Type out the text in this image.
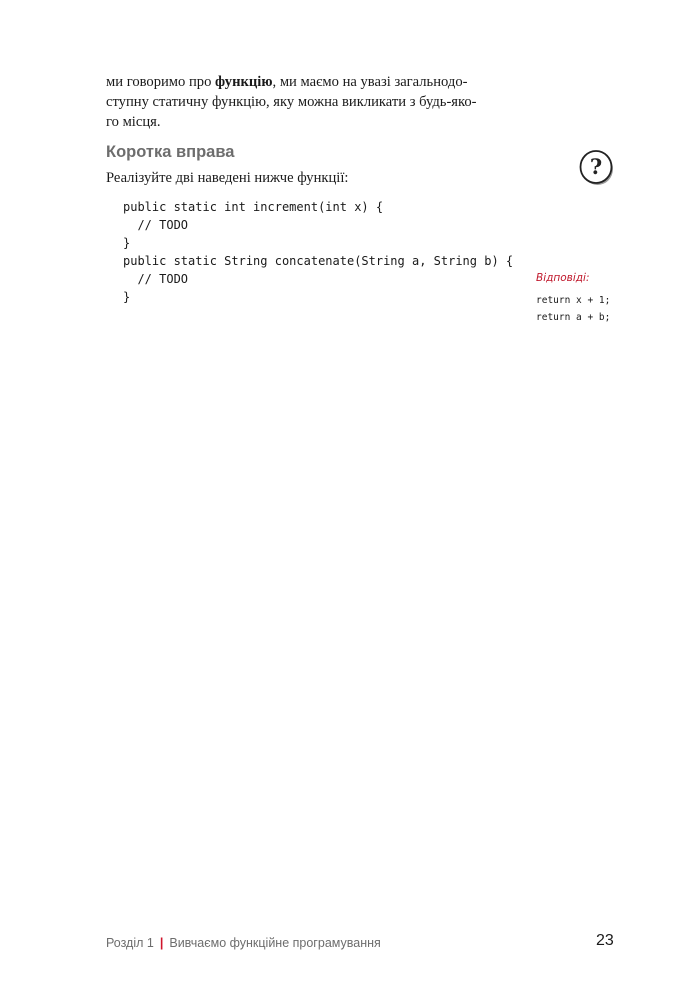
ми говоримо про функцію, ми маємо на увазі загальнодо-
ступну статичну функцію, яку можна викликати з будь-яко-
го місця.

Коротка вправа
?

Реалізуйте дві наведені нижче функції:

public static int increment(int x) {
// TODO
}
public static String concatenate(String a, String b) {
// TODO
}
Відповіді:
return x + 1;
return a + b;
Розділ 1 | Вивчаємо функційне програмування	23
